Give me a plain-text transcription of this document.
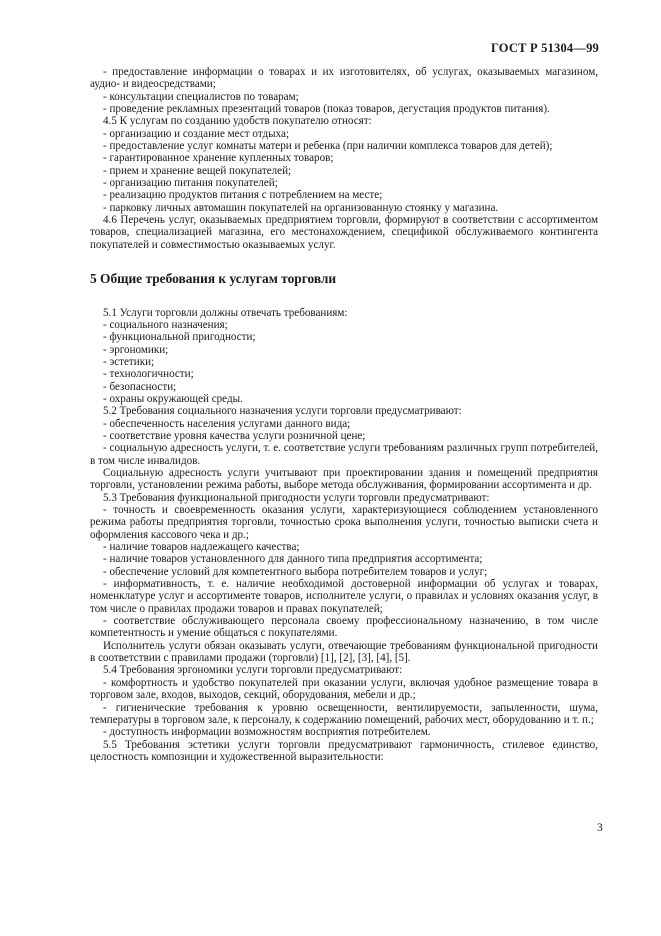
ГОСТ Р 51304—99

- предоставление информации о товарах и их изготовителях, об услугах, оказываемых магазином, аудио- и видеосредствами;

- консультации специалистов по товарам;

- проведение рекламных презентаций товаров (показ товаров, дегустация продуктов питания).

4.5 К услугам по созданию удобств покупателю относят:

- организацию и создание мест отдыха;

- предоставление услуг комнаты матери и ребенка (при наличии комплекса товаров для детей);

- гарантированное хранение купленных товаров;

- прием и хранение вещей покупателей;

- организацию питания покупателей;

- реализацию продуктов питания с потреблением на месте;

- парковку личных автомашин покупателей на организованную стоянку у магазина.

4.6 Перечень услуг, оказываемых предприятием торговли, формируют в соответствии с ассортиментом товаров, специализацией магазина, его местонахождением, спецификой обслуживаемого контингента покупателей и совместимостью оказываемых услуг.

5 Общие требования к услугам торговли

5.1 Услуги торговли должны отвечать требованиям:

- социального назначения;

- функциональной пригодности;

- эргономики;

- эстетики;

- технологичности;

- безопасности;

- охраны окружающей среды.

5.2 Требования социального назначения услуги торговли предусматривают:

- обеспеченность населения услугами данного вида;

- соответствие уровня качества услуги розничной цене;

- социальную адресность услуги, т. е. соответствие услуги требованиям различных групп потребителей, в том числе инвалидов.

Социальную адресность услуги учитывают при проектировании здания и помещений предприятия торговли, установлении режима работы, выборе метода обслуживания, формировании ассортимента и др.

5.3 Требования функциональной пригодности услуги торговли предусматривают:

- точность и своевременность оказания услуги, характеризующиеся соблюдением установленного режима работы предприятия торговли, точностью срока выполнения услуги, точностью выписки счета и оформления кассового чека и др.;

- наличие товаров надлежащего качества;

- наличие товаров установленного для данного типа предприятия ассортимента;

- обеспечение условий для компетентного выбора потребителем товаров и услуг;

- информативность, т. е. наличие необходимой достоверной информации об услугах и товарах, номенклатуре услуг и ассортименте товаров, исполнителе услуги, о правилах и условиях оказания услуг, в том числе о правилах продажи товаров и правах покупателей;

- соответствие обслуживающего персонала своему профессиональному назначению, в том числе компетентность и умение общаться с покупателями.

Исполнитель услуги обязан оказывать услуги, отвечающие требованиям функциональной пригодности в соответствии с правилами продажи (торговли) [1], [2], [3], [4], [5].

5.4 Требования эргономики услуги торговли предусматривают:

- комфортность и удобство покупателей при оказании услуги, включая удобное размещение товара в торговом зале, входов, выходов, секций, оборудования, мебели и др.;

- гигиенические требования к уровню освещенности, вентилируемости, запыленности, шума, температуры в торговом зале, к персоналу, к содержанию помещений, рабочих мест, оборудованию и т. п.;

- доступность информации возможностям восприятия потребителем.

5.5 Требования эстетики услуги торговли предусматривают гармоничность, стилевое единство, целостность композиции и художественной выразительности:

3
